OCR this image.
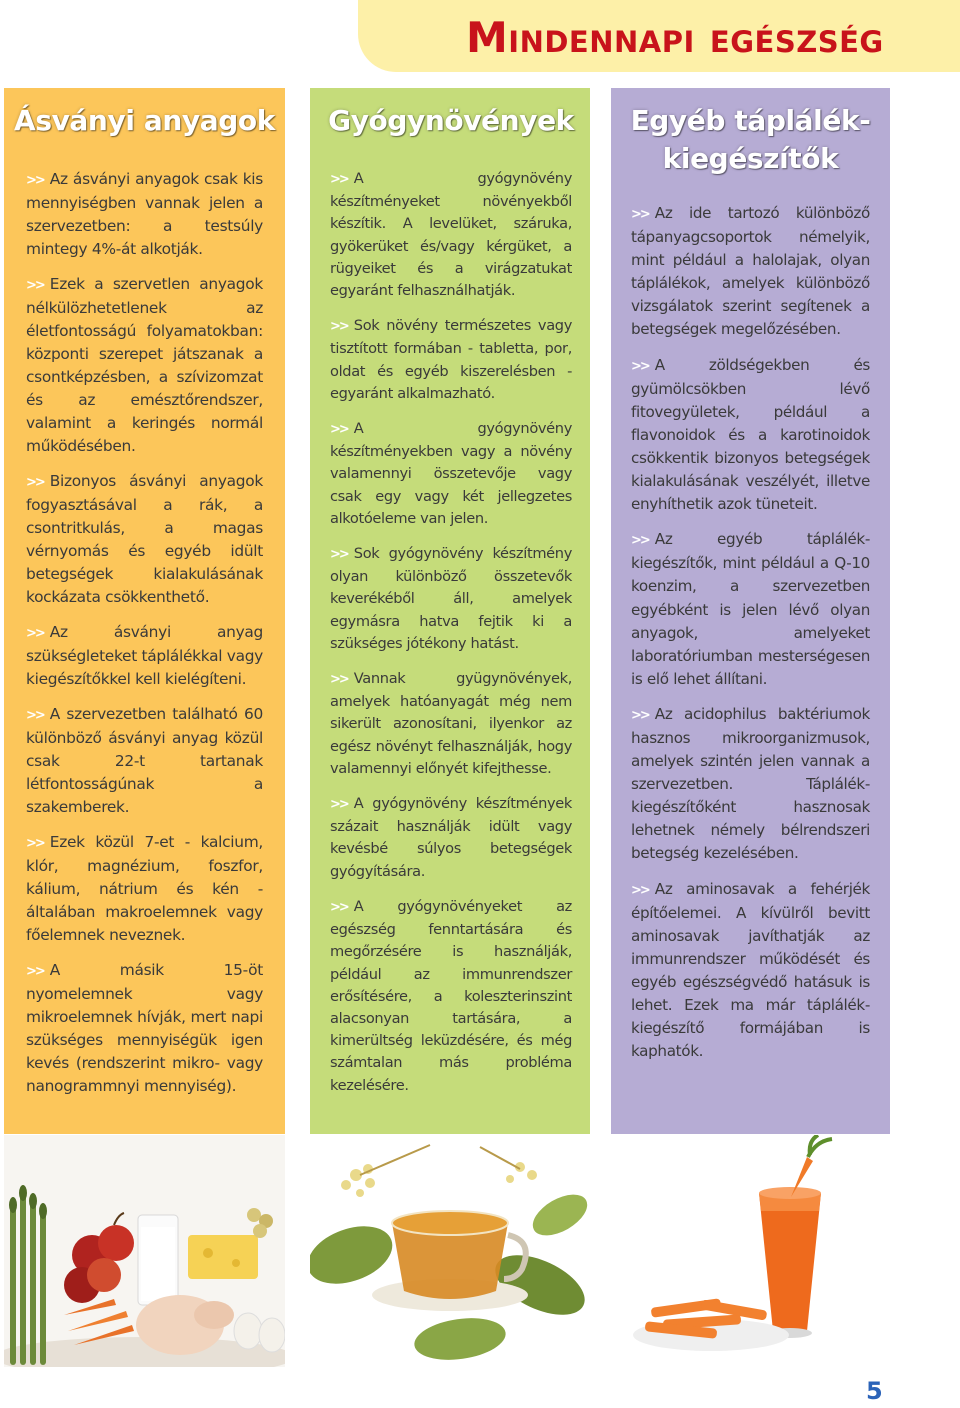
Mindennapi egészség
Ásványi anyagok

>> Az ásványi anyagok csak kis mennyiségben vannak jelen a szervezetben: a testsúly mintegy 4%-át alkotják.

>> Ezek a szervetlen anyagok nélkülözhetetlenek az életfontosságú folyamatokban: központi szerepet játszanak a csontképzésben, a szívizomzat és az emésztőrendszer, valamint a keringés normál működésében.

>> Bizonyos ásványi anyagok fogyasztásával a rák, a csontritkulás, a magas vérnyomás és egyéb idült betegségek kialakulásának kockázata csökkenthető.

>> Az ásványi anyag szükségleteket táplálékkal vagy kiegészítőkkel kell kielégíteni.

>> A szervezetben található 60 különböző ásványi anyag közül csak 22-t tartanak létfontosságúnak a szakemberek.

>> Ezek közül 7-et - kalcium, klór, magnézium, foszfor, kálium, nátrium és kén - általában makroelemnek vagy főelemnek neveznek.

>> A másik 15-öt nyomelemnek vagy mikroelemnek hívják, mert napi szükséges mennyiségük igen kevés (rendszerint mikro- vagy nanogrammnyi mennyiség).

Gyógynövények

>> A gyógynövény készítményeket növényekből készítik. A levelüket, száruka, gyökerüket és/vagy kérgüket, a rügyeiket és a virágzatukat egyaránt felhasználhatják.

>> Sok növény természetes vagy tisztított formában - tabletta, por, oldat és egyéb kiszerelésben - egyaránt alkalmazható.

>> A gyógynövény készítményekben vagy a növény valamennyi összetevője vagy csak egy vagy két jellegzetes alkotóeleme van jelen.

>> Sok gyógynövény készítmény olyan különböző összetevők keverékéből áll, amelyek egymásra hatva fejtik ki a szükséges jótékony hatást.

>> Vannak gyügynövények, amelyek hatóanyagát még nem sikerült azonosítani, ilyenkor az egész növényt felhasználják, hogy valamennyi előnyét kifejthesse.

>> A gyógynövény készítmények százait használják idült vagy kevésbé súlyos betegségek gyógyítására.

>> A gyógynövényeket az egészség fenntartására és megőrzésére is használják, például az immunrendszer erősítésére, a koleszterinszint alacsonyan tartására, a kimerültség leküzdésére, és még számtalan más probléma kezelésére.

Egyéb táplálék-kiegészítők

>> Az ide tartozó különböző tápanyagcsoportok némelyik, mint például a halolajak, olyan táplálékok, amelyek különböző vizsgálatok szerint segítenek a betegségek megelőzésében.

>> A zöldségekben és gyümölcsökben lévő fitovegyületek, például a flavonoidok és a karotinoidok csökkentik bizonyos betegségek kialakulásának veszélyét, illetve enyhíthetik azok tüneteit.

>> Az egyéb táplálék-kiegészítők, mint például a Q-10 koenzim, a szervezetben egyébként is jelen lévő olyan anyagok, amelyeket laboratóriumban mesterségesen is elő lehet állítani.

>> Az acidophilus baktériumok hasznos mikroorganizmusok, amelyek szintén jelen vannak a szervezetben. Táplálék-kiegészítőként hasznosak lehetnek némely bélrendszeri betegség kezelésében.

>> Az aminosavak a fehérjék építőelemei. A kívülről bevitt aminosavak javíthatják az immunrendszer működését és egyéb egészségvédő hatásuk is lehet. Ezek ma már táplálék-kiegészítő formájában is kaphatók.

5
